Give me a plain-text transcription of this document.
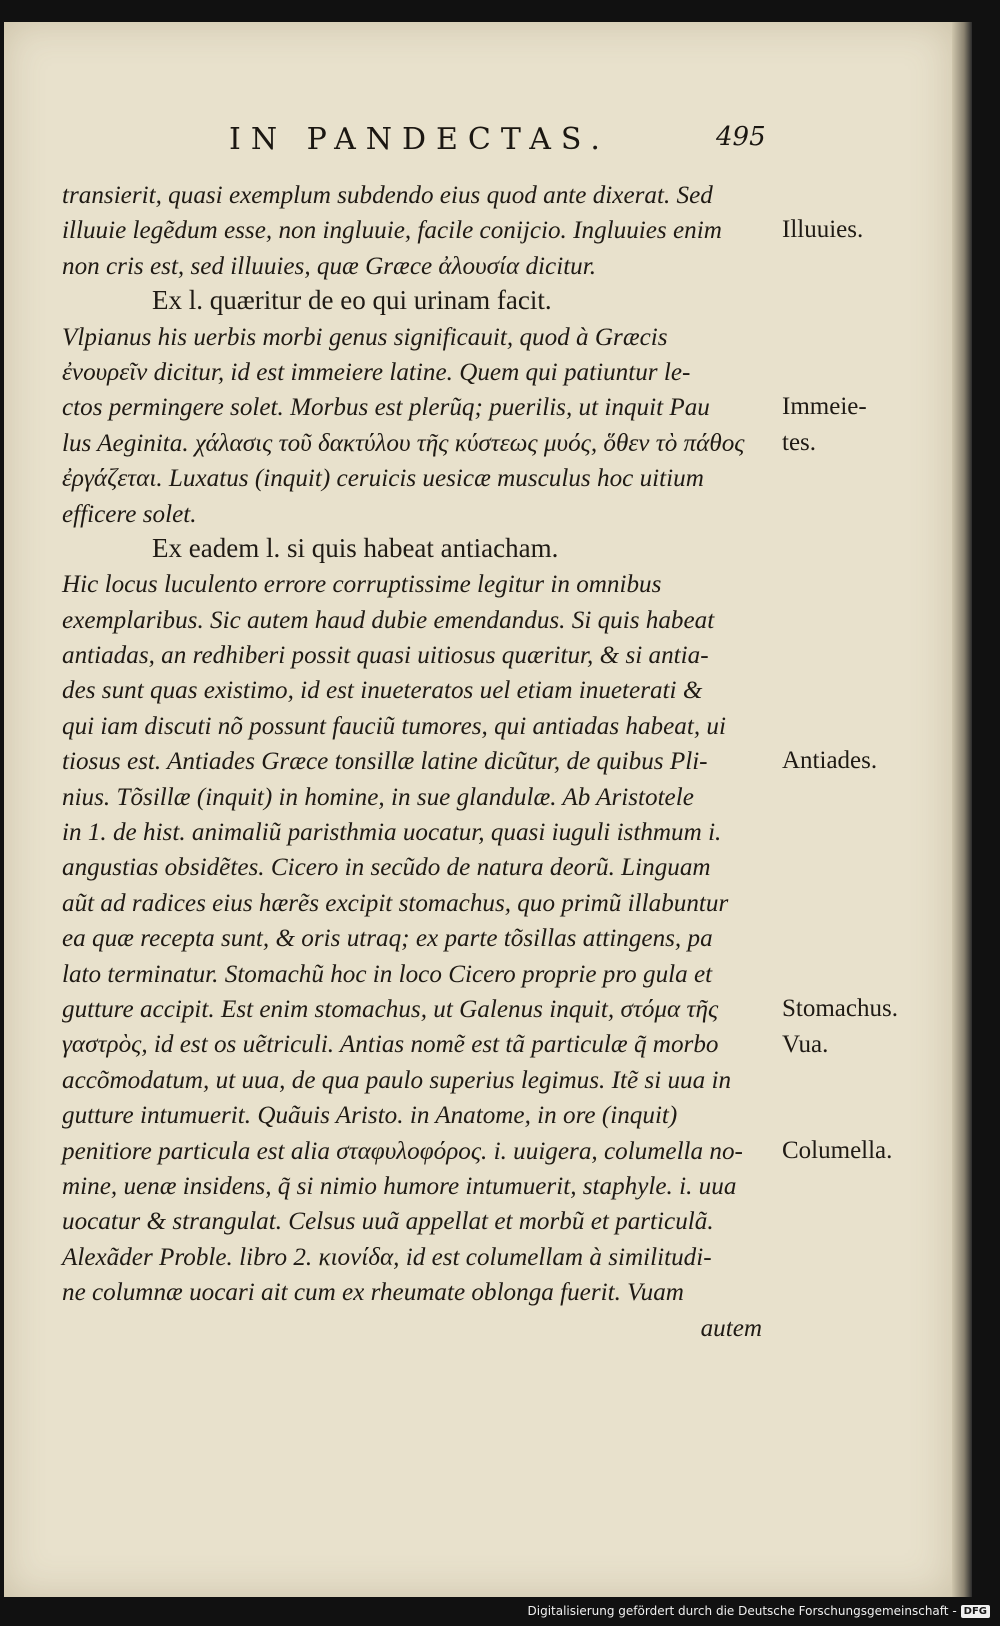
IN PANDECTAS.	495
transierit, quasi exemplum subdendo eius quod ante dixerat. Sed
illuuie legẽdum esse, non ingluuie, facile conijcio. Ingluuies enim
non cris est, sed illuuies, quæ Græce ἀλουσία dicitur.
Ex l. quæritur de eo qui urinam facit.
Vlpianus his uerbis morbi genus significauit, quod à Græcis
ἐνουρεῖν dicitur, id est immeiere latine. Quem qui patiuntur le-
ctos permingere solet. Morbus est plerũq; puerilis, ut inquit Pau
lus Aeginita. χάλασις τοῦ δακτύλου τῆς κύστεως μυός, ὅθεν τὸ πάθος
ἐργάζεται. Luxatus (inquit) ceruicis uesicæ musculus hoc uitium
efficere solet.
Ex eadem l. si quis habeat antiacham.
Hic locus luculento errore corruptissime legitur in omnibus
exemplaribus. Sic autem haud dubie emendandus. Si quis habeat
antiadas, an redhiberi possit quasi uitiosus quæritur, & si antia-
des sunt quas existimo, id est inueteratos uel etiam inueterati &
qui iam discuti nõ possunt fauciũ tumores, qui antiadas habeat, ui
tiosus est. Antiades Græce tonsillæ latine dicũtur, de quibus Pli-
nius. Tõsillæ (inquit) in homine, in sue glandulæ. Ab Aristotele
in 1. de hist. animaliũ paristhmia uocatur, quasi iuguli isthmum i.
angustias obsidẽtes. Cicero in secũdo de natura deorũ. Linguam
aũt ad radices eius hærẽs excipit stomachus, quo primũ illabuntur
ea quæ recepta sunt, & oris utraq; ex parte tõsillas attingens, pa
lato terminatur. Stomachũ hoc in loco Cicero proprie pro gula et
gutture accipit. Est enim stomachus, ut Galenus inquit, στόμα τῆς
γαστρὸς, id est os uẽtriculi. Antias nomẽ est tã particulæ q̃ morbo
accõmodatum, ut uua, de qua paulo superius legimus. Itẽ si uua in
gutture intumuerit. Quãuis Aristo. in Anatome, in ore (inquit)
penitiore particula est alia σταφυλοφόρος. i. uuigera, columella no-
mine, uenæ insidens, q̃ si nimio humore intumuerit, staphyle. i. uua
uocatur & strangulat. Celsus uuã appellat et morbũ et particulã.
Alexãder Proble. libro 2. κιονίδα, id est columellam à similitudi-
ne columnæ uocari ait cum ex rheumate oblonga fuerit. Vuam
autem
Illuuies.
Immeie-
tes.
Antiades.
Stomachus.
Vua.
Columella.
Digitalisierung gefördert durch die Deutsche Forschungsgemeinschaft - DFG
